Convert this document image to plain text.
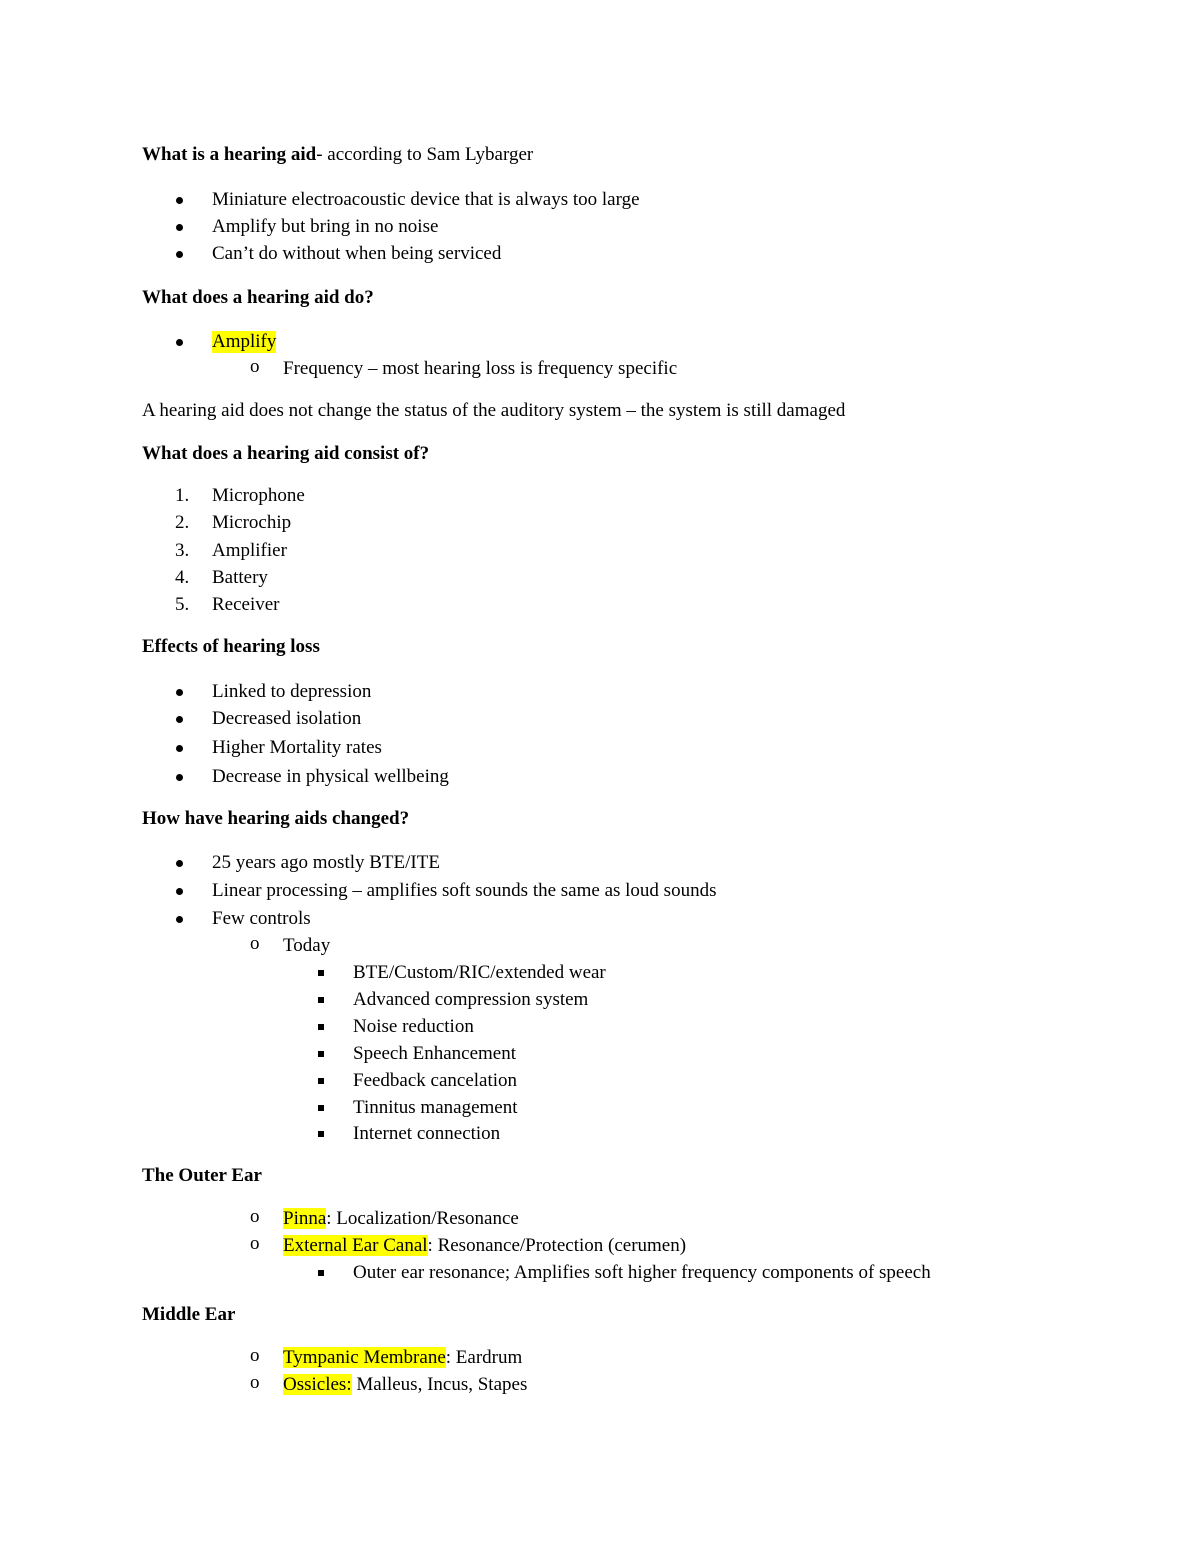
What is a hearing aid- according to Sam Lybarger
Miniature electroacoustic device that is always too large
Amplify but bring in no noise
Can’t do without when being serviced
What does a hearing aid do?
Amplify
o Frequency – most hearing loss is frequency specific
A hearing aid does not change the status of the auditory system – the system is still damaged
What does a hearing aid consist of?
1. Microphone
2. Microchip
3. Amplifier
4. Battery
5. Receiver
Effects of hearing loss
Linked to depression
Decreased isolation
Higher Mortality rates
Decrease in physical wellbeing
How have hearing aids changed?
25 years ago mostly BTE/ITE
Linear processing – amplifies soft sounds the same as loud sounds
Few controls
o Today
BTE/Custom/RIC/extended wear
Advanced compression system
Noise reduction
Speech Enhancement
Feedback cancelation
Tinnitus management
Internet connection
The Outer Ear
o Pinna: Localization/Resonance
o External Ear Canal: Resonance/Protection (cerumen)
Outer ear resonance; Amplifies soft higher frequency components of speech
Middle Ear
o Tympanic Membrane: Eardrum
o Ossicles: Malleus, Incus, Stapes
